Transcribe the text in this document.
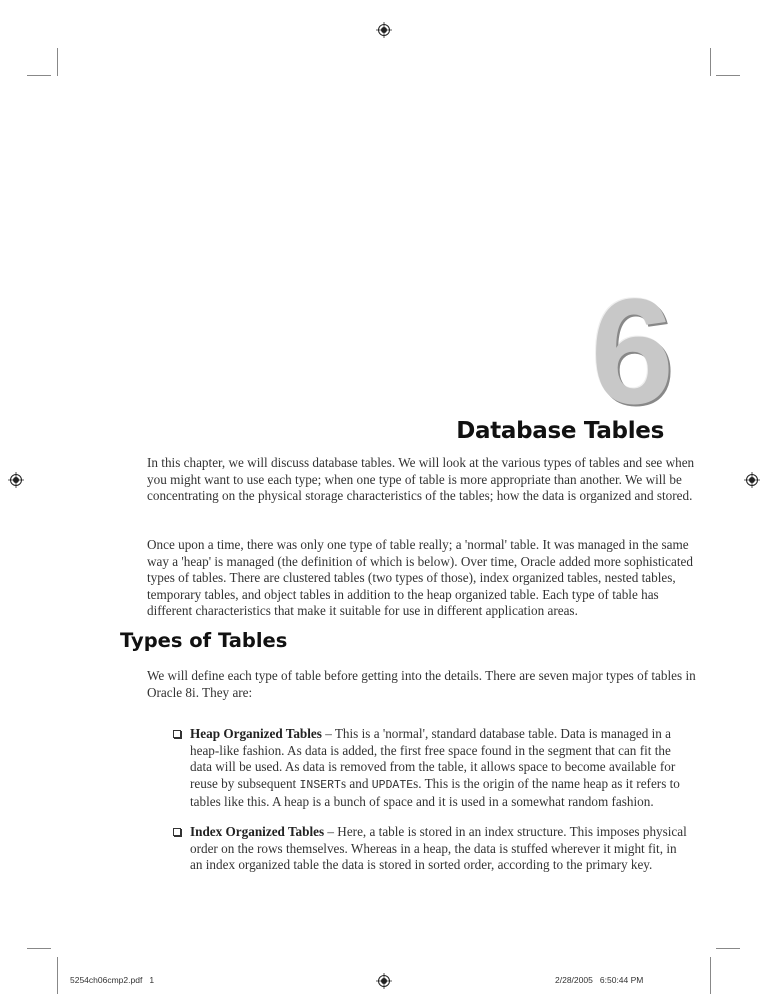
6
Database Tables
In this chapter, we will discuss database tables. We will look at the various types of tables and see when
you might want to use each type; when one type of table is more appropriate than another. We will be
concentrating on the physical storage characteristics of the tables; how the data is organized and stored.
Once upon a time, there was only one type of table really; a 'normal' table. It was managed in the same
way a 'heap' is managed (the definition of which is below). Over time, Oracle added more sophisticated
types of tables. There are clustered tables (two types of those), index organized tables, nested tables,
temporary tables, and object tables in addition to the heap organized table. Each type of table has
different characteristics that make it suitable for use in different application areas.
Types of Tables
We will define each type of table before getting into the details. There are seven major types of tables in
Oracle 8i. They are:
Heap Organized Tables – This is a 'normal', standard database table. Data is managed in a
heap-like fashion. As data is added, the first free space found in the segment that can fit the
data will be used. As data is removed from the table, it allows space to become available for
reuse by subsequent INSERTs and UPDATEs. This is the origin of the name heap as it refers to
tables like this. A heap is a bunch of space and it is used in a somewhat random fashion.
Index Organized Tables – Here, a table is stored in an index structure. This imposes physical
order on the rows themselves. Whereas in a heap, the data is stuffed wherever it might fit, in
an index organized table the data is stored in sorted order, according to the primary key.
5254ch06cmp2.pdf   1	2/28/2005   6:50:44 PM
